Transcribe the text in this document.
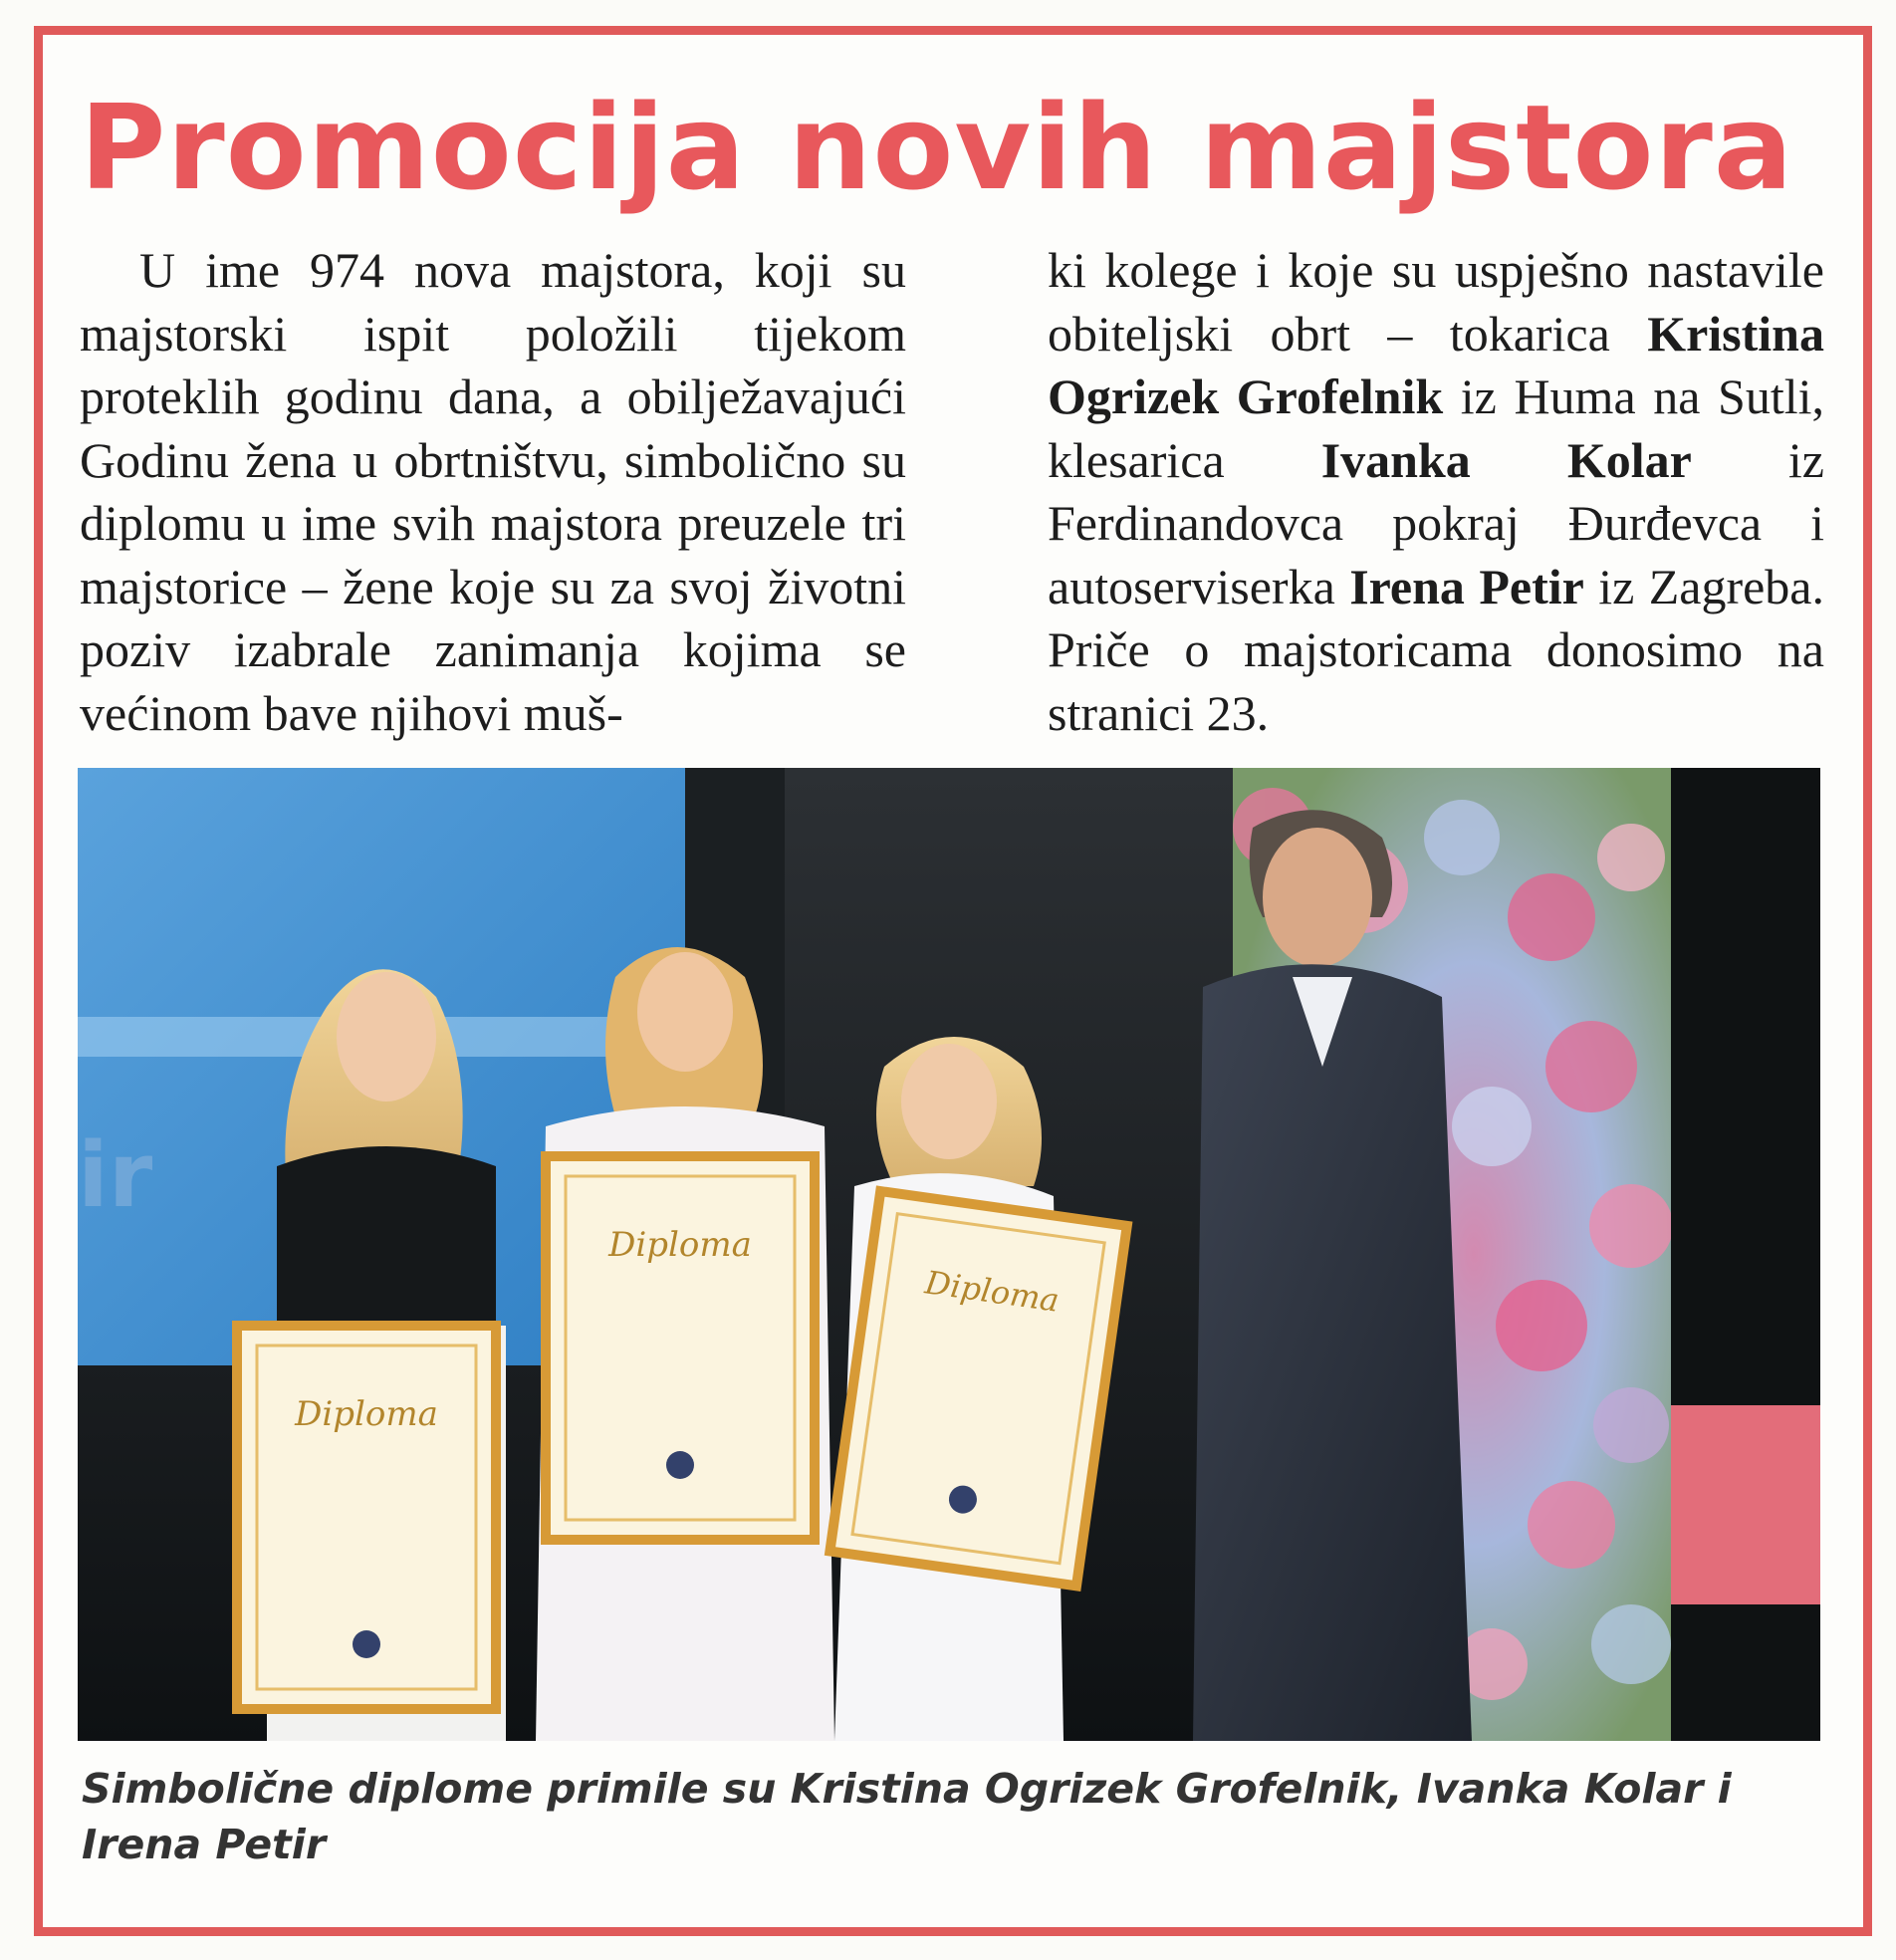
Promocija novih majstora

U ime 974 nova majstora, koji su majstorski ispit položili tijekom proteklih godinu dana, a obilježavajući Godinu žena u obrtništvu, simbolično su diplomu u ime svih majstora preuzele tri majstorice – žene koje su za svoj životni poziv izabrale zanimanja kojima se većinom bave njihovi muš-

ki kolege i koje su uspješno nastavile obiteljski obrt – tokarica Kristina Ogrizek Grofelnik iz Huma na Sutli, klesarica Ivanka Kolar iz Ferdinandovca pokraj Đurđevca i autoserviserka Irena Petir iz Zagreba. Priče o majstoricama donosimo na stranici 23.

ir
Diploma
Diploma
Diploma

Simbolične diplome primile su Kristina Ogrizek Grofelnik, Ivanka Kolar i Irena Petir
